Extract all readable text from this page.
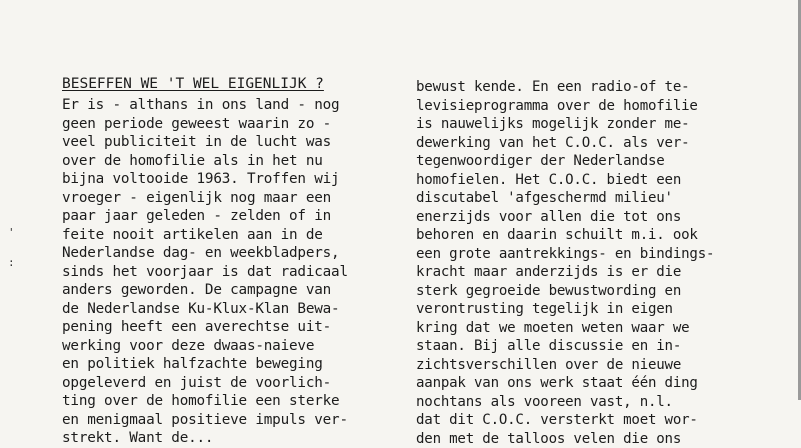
'
:
BESEFFEN WE 'T WEL EIGENLIJK ?
Er is - althans in ons land - nog
geen periode geweest waarin zo -
veel publiciteit in de lucht was
over de homofilie als in het nu
bijna voltooide 1963. Troffen wij
vroeger - eigenlijk nog maar een
paar jaar geleden - zelden of in
feite nooit artikelen aan in de
Nederlandse dag- en weekbladpers,
sinds het voorjaar is dat radicaal
anders geworden. De campagne van
de Nederlandse Ku-Klux-Klan Bewa-
pening heeft een averechtse uit-
werking voor deze dwaas-naieve
en politiek halfzachte beweging
opgeleverd en juist de voorlich-
ting over de homofilie een sterke
en menigmaal positieve impuls ver-
strekt. Want de...
bewust kende. En een radio-of te-
levisieprogramma over de homofilie
is nauwelijks mogelijk zonder me-
dewerking van het C.O.C. als ver-
tegenwoordiger der Nederlandse
homofielen. Het C.O.C. biedt een
discutabel 'afgeschermd milieu'
enerzijds voor allen die tot ons
behoren en daarin schuilt m.i. ook
een grote aantrekkings- en bindings-
kracht maar anderzijds is er die
sterk gegroeide bewustwording en
verontrusting tegelijk in eigen
kring dat we moeten weten waar we
staan. Bij alle discussie en in-
zichtsverschillen over de nieuwe
aanpak van ons werk staat één ding
nochtans als vooreen vast, n.l.
dat dit C.O.C. versterkt moet wor-
den met de talloos velen die ons
